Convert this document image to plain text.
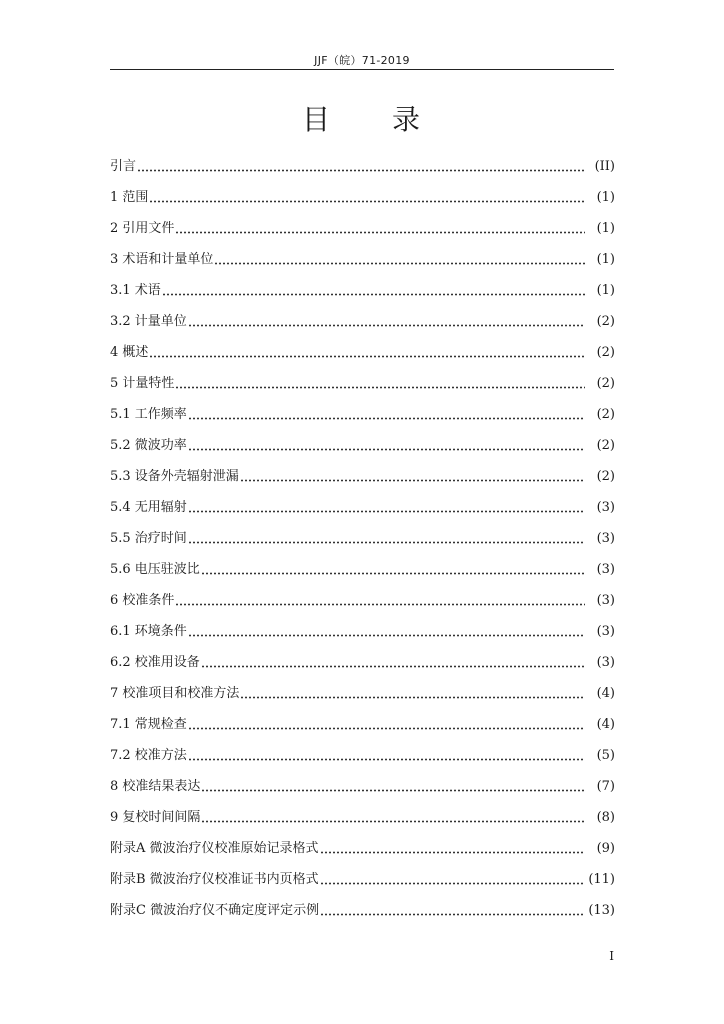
JJF（皖）71-2019
目　　录
引言	(II)
1 范围	(1)
2 引用文件	(1)
3 术语和计量单位	(1)
3.1 术语	(1)
3.2 计量单位	(2)
4 概述	(2)
5 计量特性	(2)
5.1 工作频率	(2)
5.2 微波功率	(2)
5.3 设备外壳辐射泄漏	(2)
5.4 无用辐射	(3)
5.5 治疗时间	(3)
5.6 电压驻波比	(3)
6 校准条件	(3)
6.1 环境条件	(3)
6.2 校准用设备	(3)
7 校准项目和校准方法	(4)
7.1 常规检查	(4)
7.2 校准方法	(5)
8 校准结果表达	(7)
9 复校时间间隔	(8)
附录A 微波治疗仪校准原始记录格式	(9)
附录B 微波治疗仪校准证书内页格式	(11)
附录C 微波治疗仪不确定度评定示例	(13)
I
